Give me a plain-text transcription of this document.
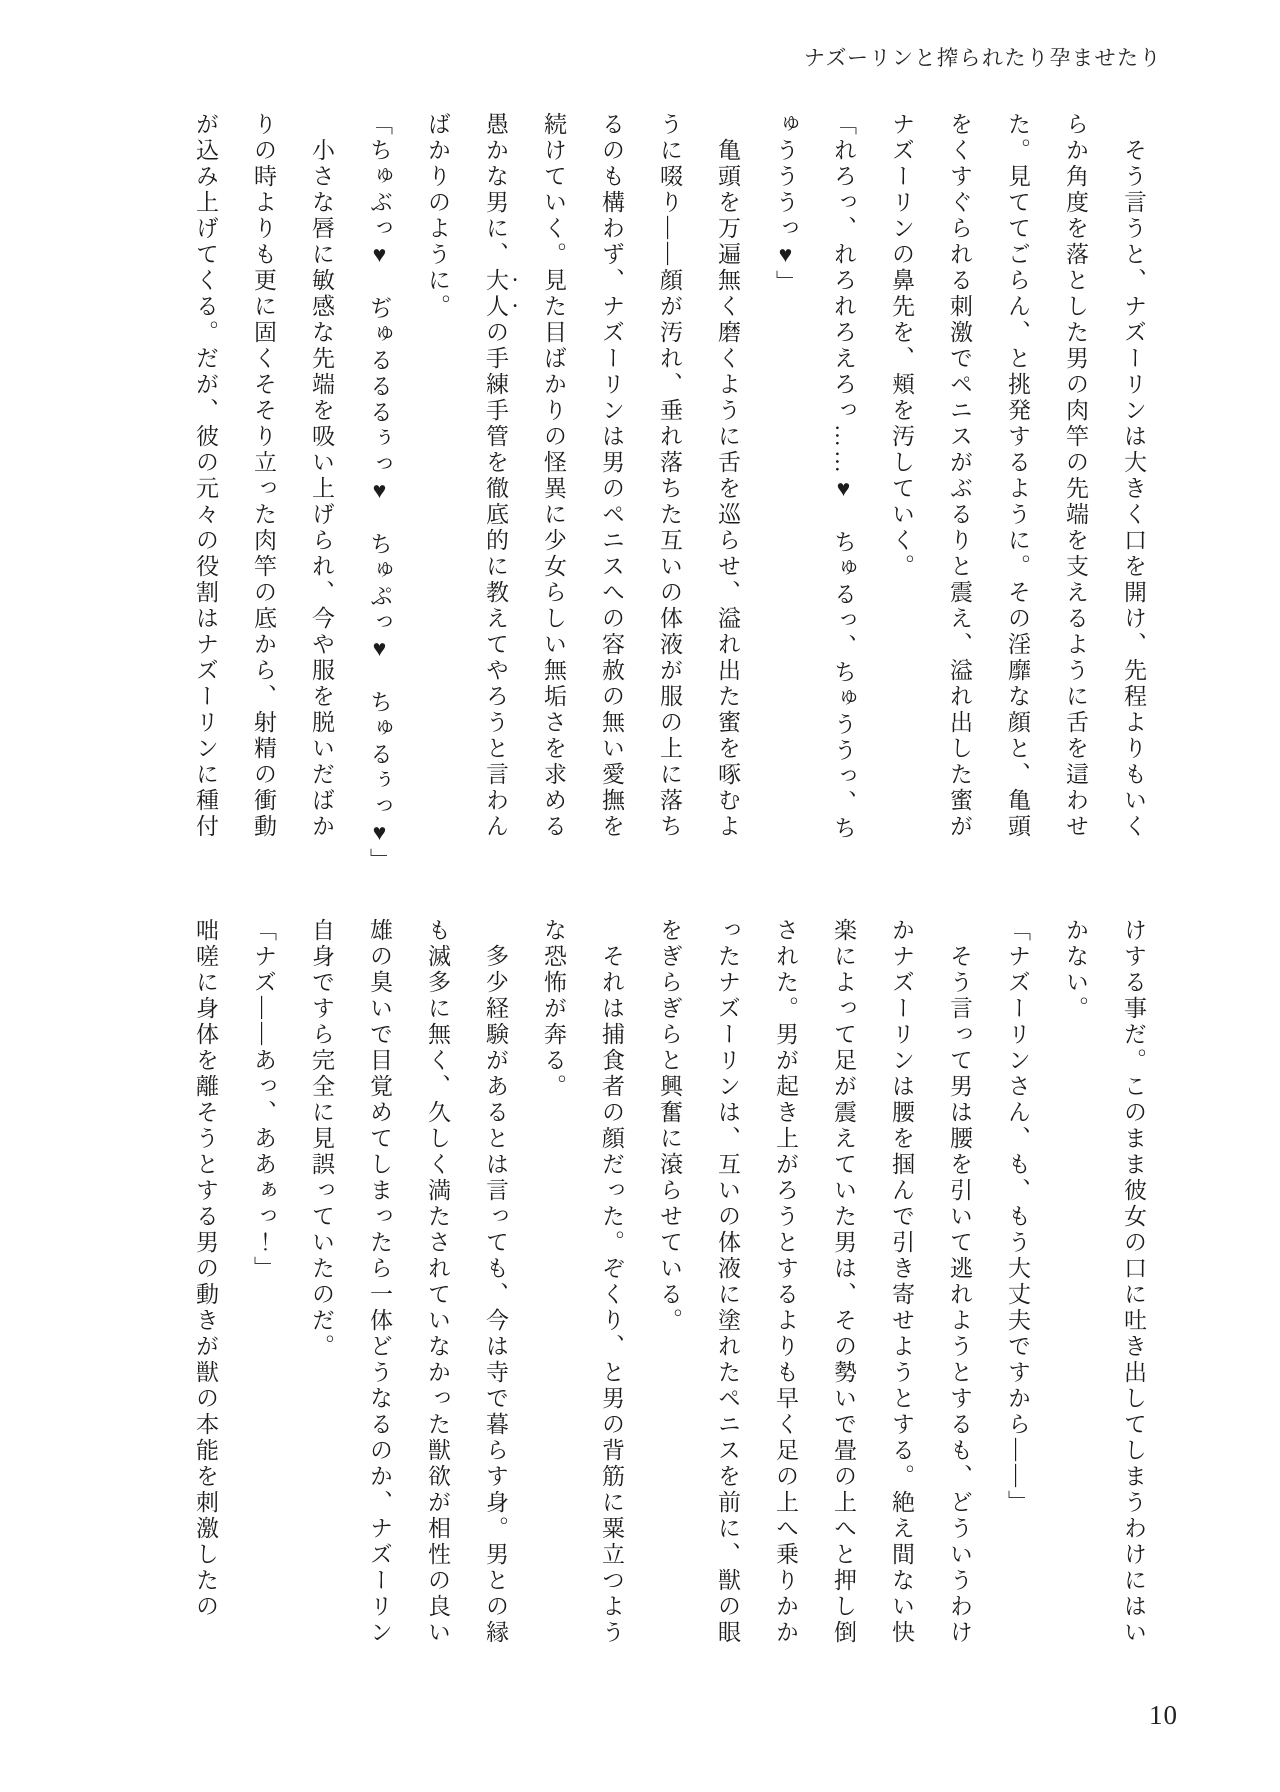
ナズーリンと搾られたり孕ませたり

　そう言うと、ナズーリンは大きく口を開け、先程よりもいく

らか角度を落とした男の肉竿の先端を支えるように舌を這わせ

た。見ててごらん、と挑発するように。その淫靡な顔と、亀頭

をくすぐられる刺激でペニスがぶるりと震え、溢れ出した蜜が

ナズーリンの鼻先を、頬を汚していく。

「れろっ、れろれろえろっ……♥　ちゅるっ、ちゅううっ、ち

ゅうううっ♥」

　亀頭を万遍無く磨くように舌を巡らせ、溢れ出た蜜を啄むよ

うに啜り――顔が汚れ、垂れ落ちた互いの体液が服の上に落ち

るのも構わず、ナズーリンは男のペニスへの容赦の無い愛撫を

続けていく。見た目ばかりの怪異に少女らしい無垢さを求める

愚かな男に、大人の手練手管を徹底的に教えてやろうと言わん

ばかりのように。

「ちゅぶっ♥　ぢゅるるるぅっ♥　ちゅぷっ♥　ちゅるぅっ♥」

　小さな唇に敏感な先端を吸い上げられ、今や服を脱いだばか

りの時よりも更に固くそそり立った肉竿の底から、射精の衝動

が込み上げてくる。だが、彼の元々の役割はナズーリンに種付

けする事だ。このまま彼女の口に吐き出してしまうわけにはい

かない。

「ナズーリンさん、も、もう大丈夫ですから――」

　そう言って男は腰を引いて逃れようとするも、どういうわけ

かナズーリンは腰を掴んで引き寄せようとする。絶え間ない快

楽によって足が震えていた男は、その勢いで畳の上へと押し倒

された。男が起き上がろうとするよりも早く足の上へ乗りかか

ったナズーリンは、互いの体液に塗れたペニスを前に、獣の眼

をぎらぎらと興奮に滾らせている。

　それは捕食者の顔だった。ぞくり、と男の背筋に粟立つよう

な恐怖が奔る。

　多少経験があるとは言っても、今は寺で暮らす身。男との縁

も滅多に無く、久しく満たされていなかった獣欲が相性の良い

雄の臭いで目覚めてしまったら一体どうなるのか、ナズーリン

自身ですら完全に見誤っていたのだ。

「ナズ――あっ、ああぁっ！」

咄嗟に身体を離そうとする男の動きが獣の本能を刺激したの

10
